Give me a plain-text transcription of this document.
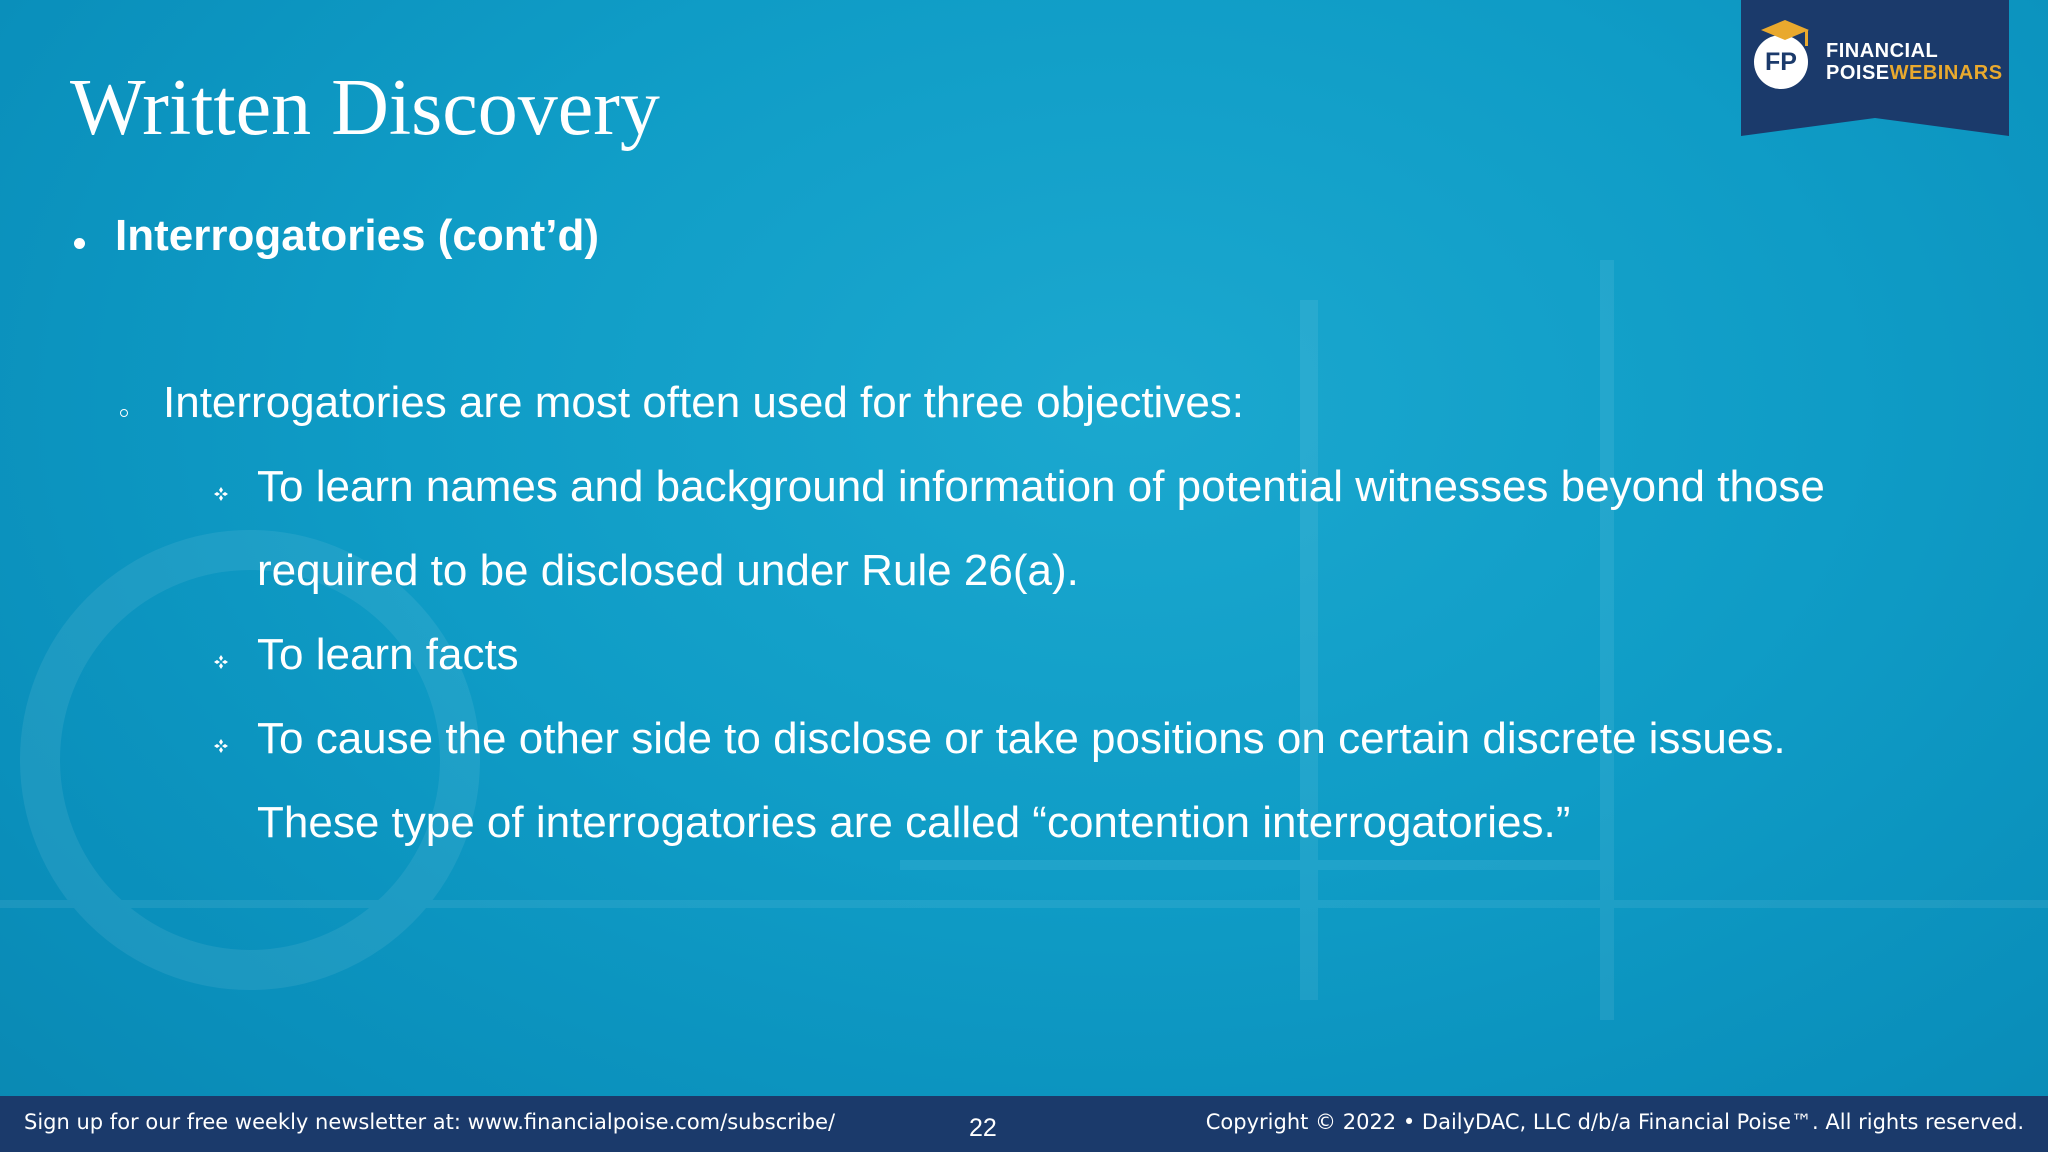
Written Discovery
FP FINANCIAL
POISEWEBINARS
Interrogatories (cont’d)
Interrogatories are most often used for three objectives:
To learn names and background information of potential witnesses beyond those
required to be disclosed under Rule 26(a).
To learn facts
To cause the other side to disclose or take positions on certain discrete issues.
These type of interrogatories are called “contention interrogatories.”
Sign up for our free weekly newsletter at: www.financialpoise.com/subscribe/	22	Copyright © 2022 • DailyDAC, LLC d/b/a Financial Poise™. All rights reserved.
